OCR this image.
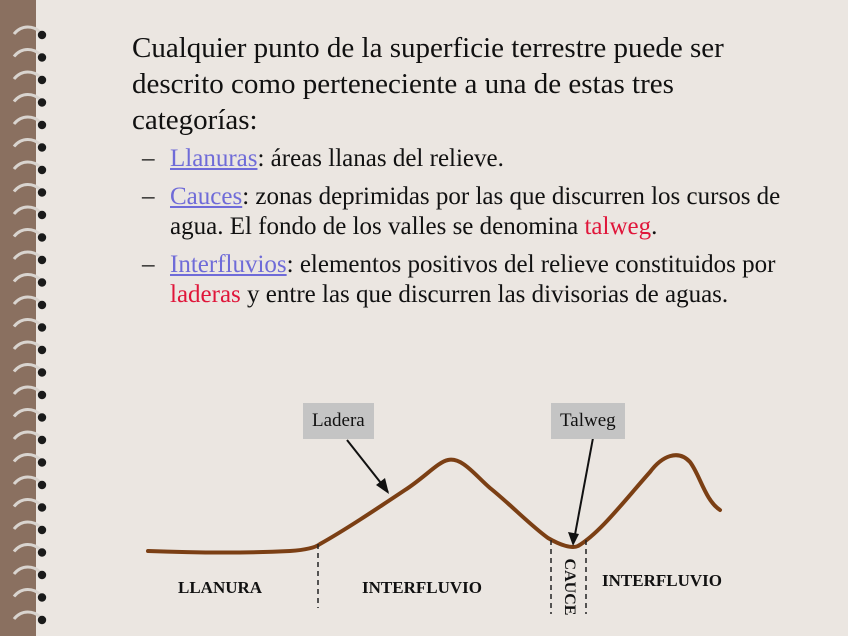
Cualquier punto de la superficie terrestre puede ser descrito como perteneciente a una de estas tres categorías:

– Llanuras: áreas llanas del relieve.
– Cauces: zonas deprimidas por las que discurren los cursos de agua. El fondo de los valles se denomina talweg.
– Interfluvios: elementos positivos del relieve constituidos por laderas y entre las que discurren las divisorias de aguas.
Ladera	Talweg
LLANURA	INTERFLUVIO	CAUCE INTERFLUVIO
